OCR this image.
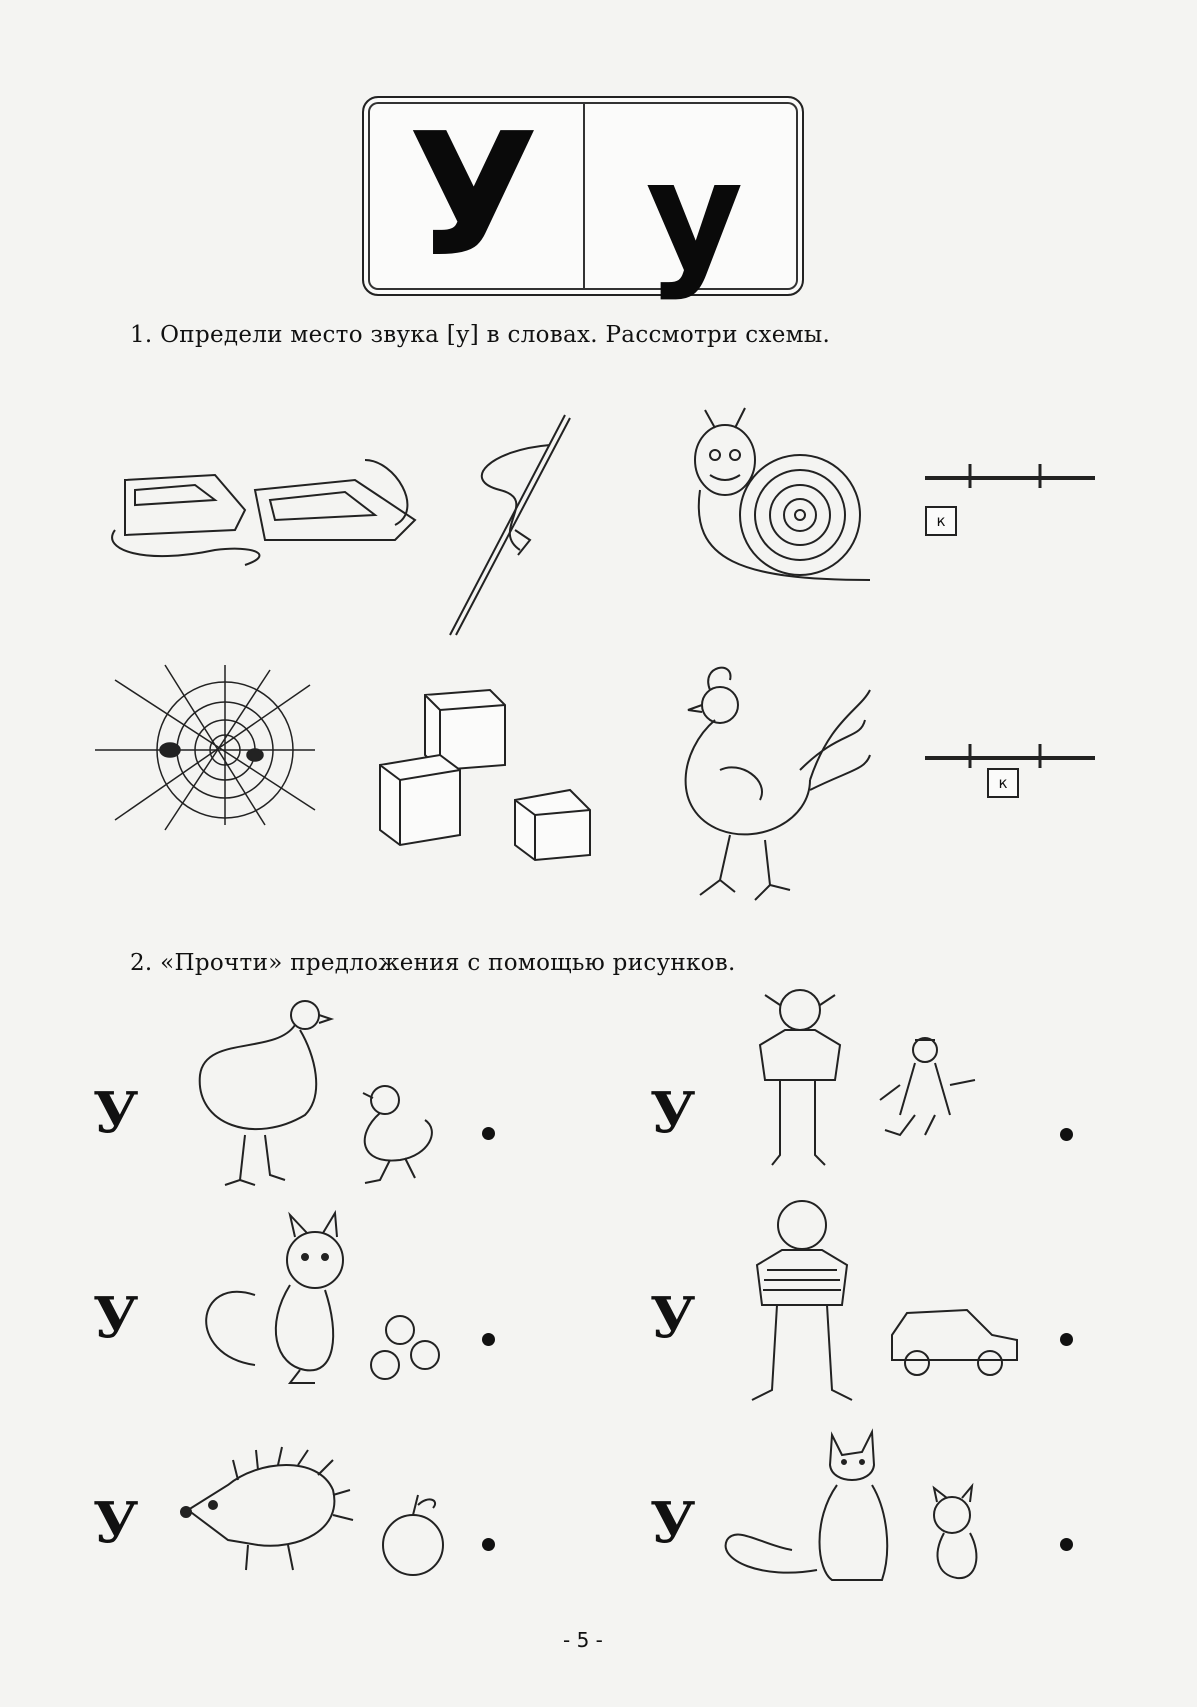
У у
1. Определи место звука [у] в словах. Рассмотри схемы.
к
к
2. «Прочти» предложения с помощью рисунков.
У
У
У
У
У
У
- 5 -
